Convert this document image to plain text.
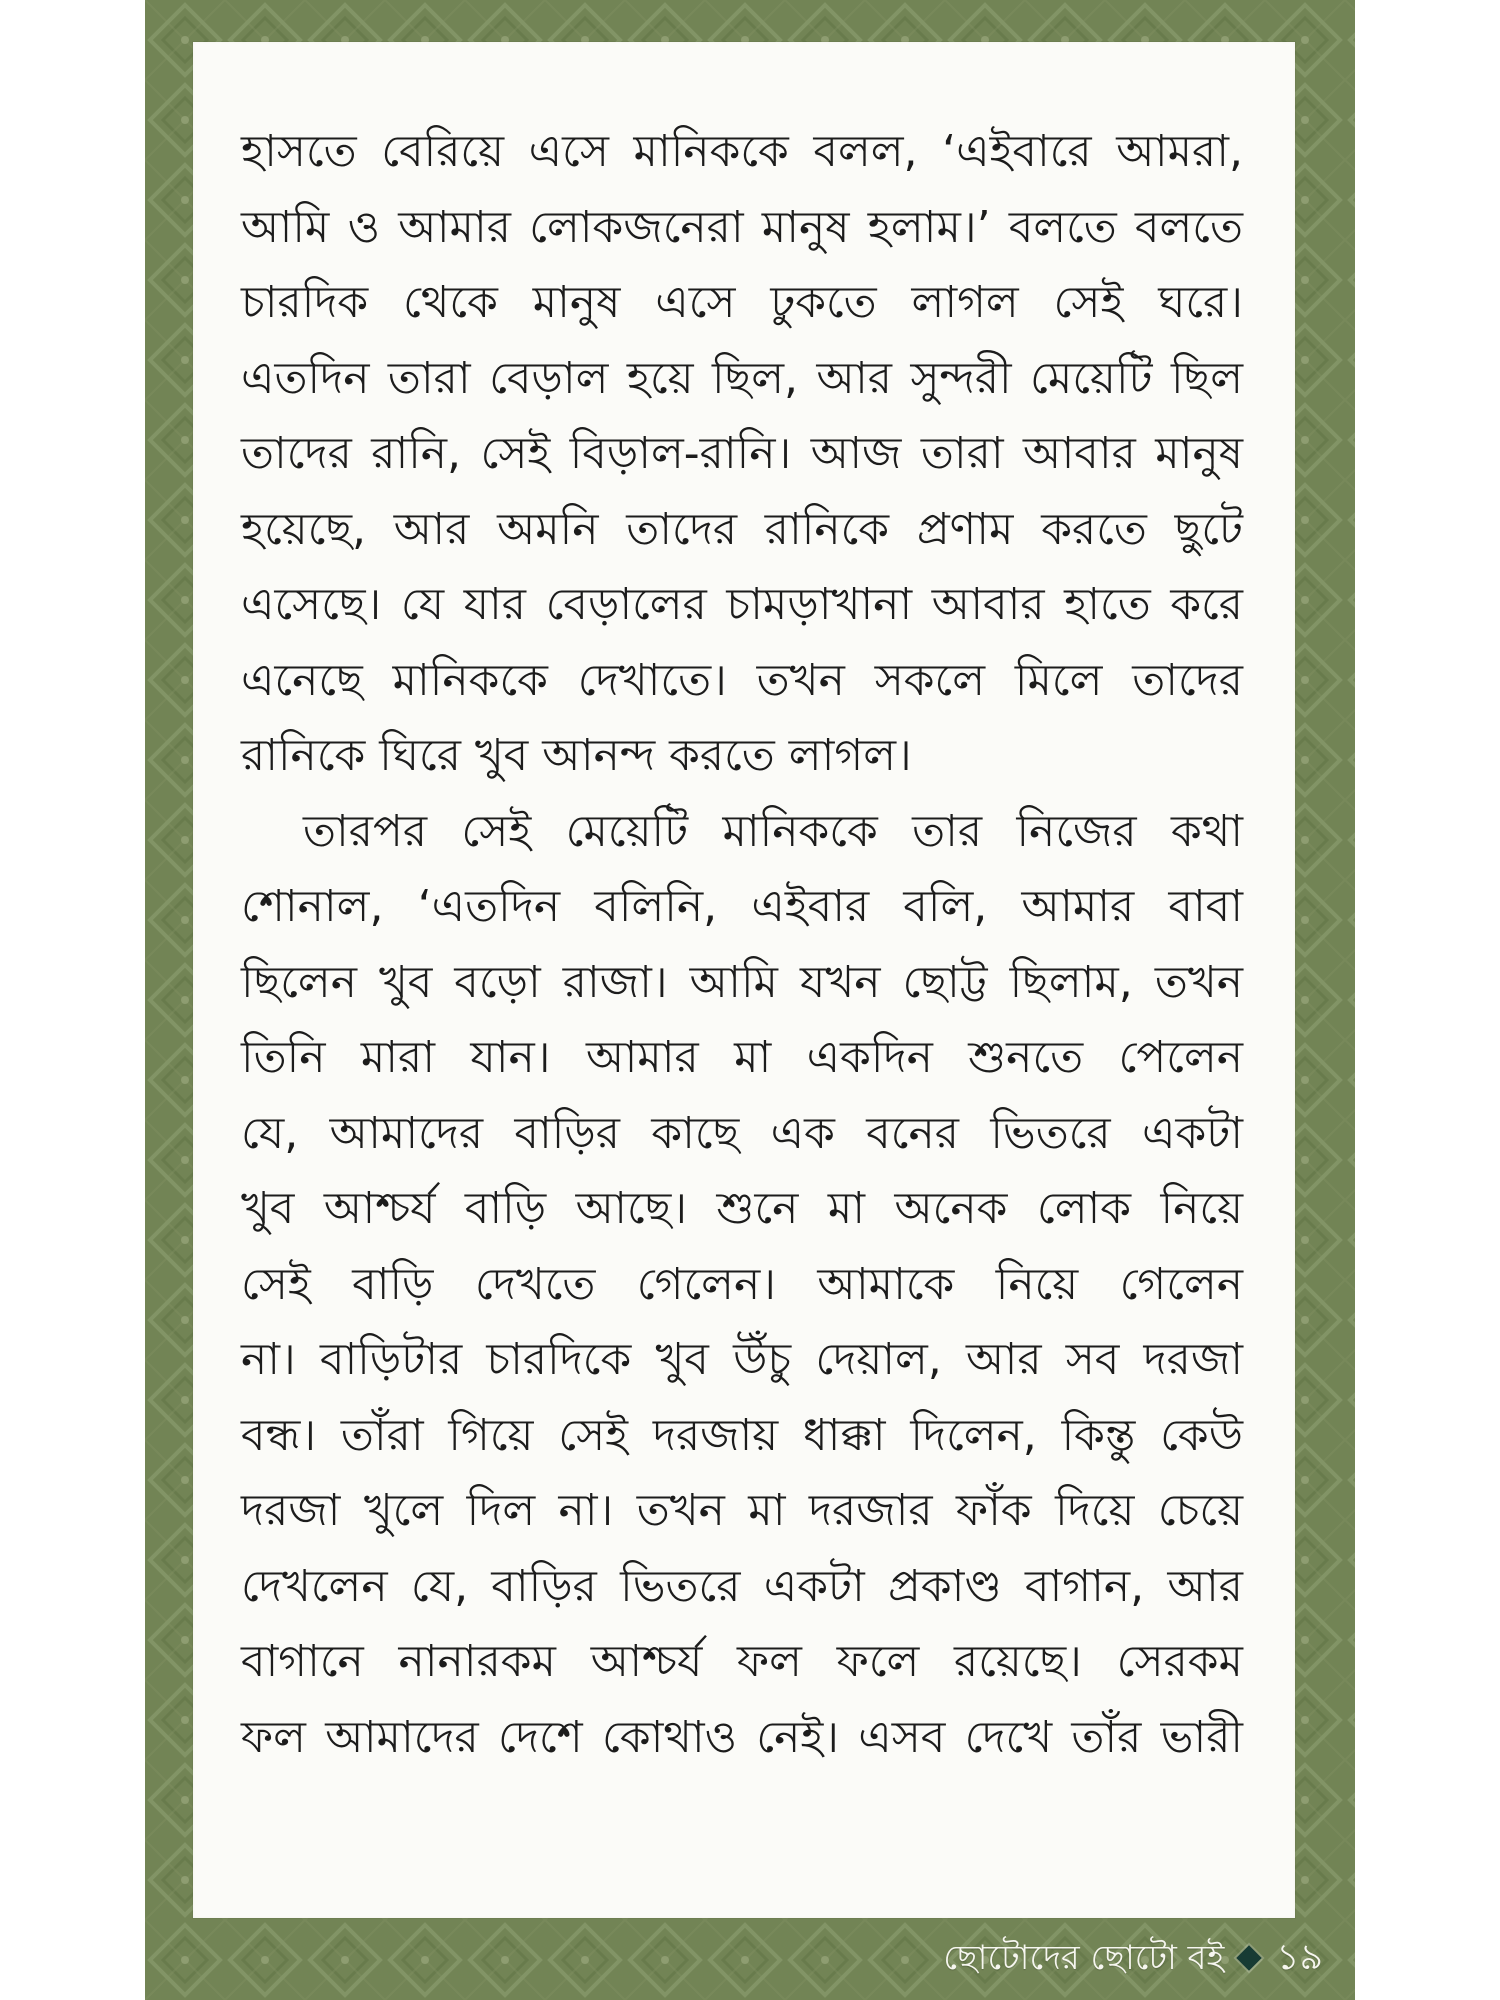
হাসতে বেরিয়ে এসে মানিককে বলল, ‘এইবারে আমরা,
আমি ও আমার লোকজনেরা মানুষ হলাম।’ বলতে বলতে
চারদিক থেকে মানুষ এসে ঢুকতে লাগল সেই ঘরে।
এতদিন তারা বেড়াল হয়ে ছিল, আর সুন্দরী মেয়েটি ছিল
তাদের রানি, সেই বিড়াল-রানি। আজ তারা আবার মানুষ
হয়েছে, আর অমনি তাদের রানিকে প্রণাম করতে ছুটে
এসেছে। যে যার বেড়ালের চামড়াখানা আবার হাতে করে
এনেছে মানিককে দেখাতে। তখন সকলে মিলে তাদের
রানিকে ঘিরে খুব আনন্দ করতে লাগল।
তারপর সেই মেয়েটি মানিককে তার নিজের কথা
শোনাল, ‘এতদিন বলিনি, এইবার বলি, আমার বাবা
ছিলেন খুব বড়ো রাজা। আমি যখন ছোট্ট ছিলাম, তখন
তিনি মারা যান। আমার মা একদিন শুনতে পেলেন
যে, আমাদের বাড়ির কাছে এক বনের ভিতরে একটা
খুব আশ্চর্য বাড়ি আছে। শুনে মা অনেক লোক নিয়ে
সেই বাড়ি দেখতে গেলেন। আমাকে নিয়ে গেলেন
না। বাড়িটার চারদিকে খুব উঁচু দেয়াল, আর সব দরজা
বন্ধ। তাঁরা গিয়ে সেই দরজায় ধাক্কা দিলেন, কিন্তু কেউ
দরজা খুলে দিল না। তখন মা দরজার ফাঁক দিয়ে চেয়ে
দেখলেন যে, বাড়ির ভিতরে একটা প্রকাণ্ড বাগান, আর
বাগানে নানারকম আশ্চর্য ফল ফলে রয়েছে। সেরকম
ফল আমাদের দেশে কোথাও নেই। এসব দেখে তাঁর ভারী
ছোটোদের ছোটো বই ১৯
